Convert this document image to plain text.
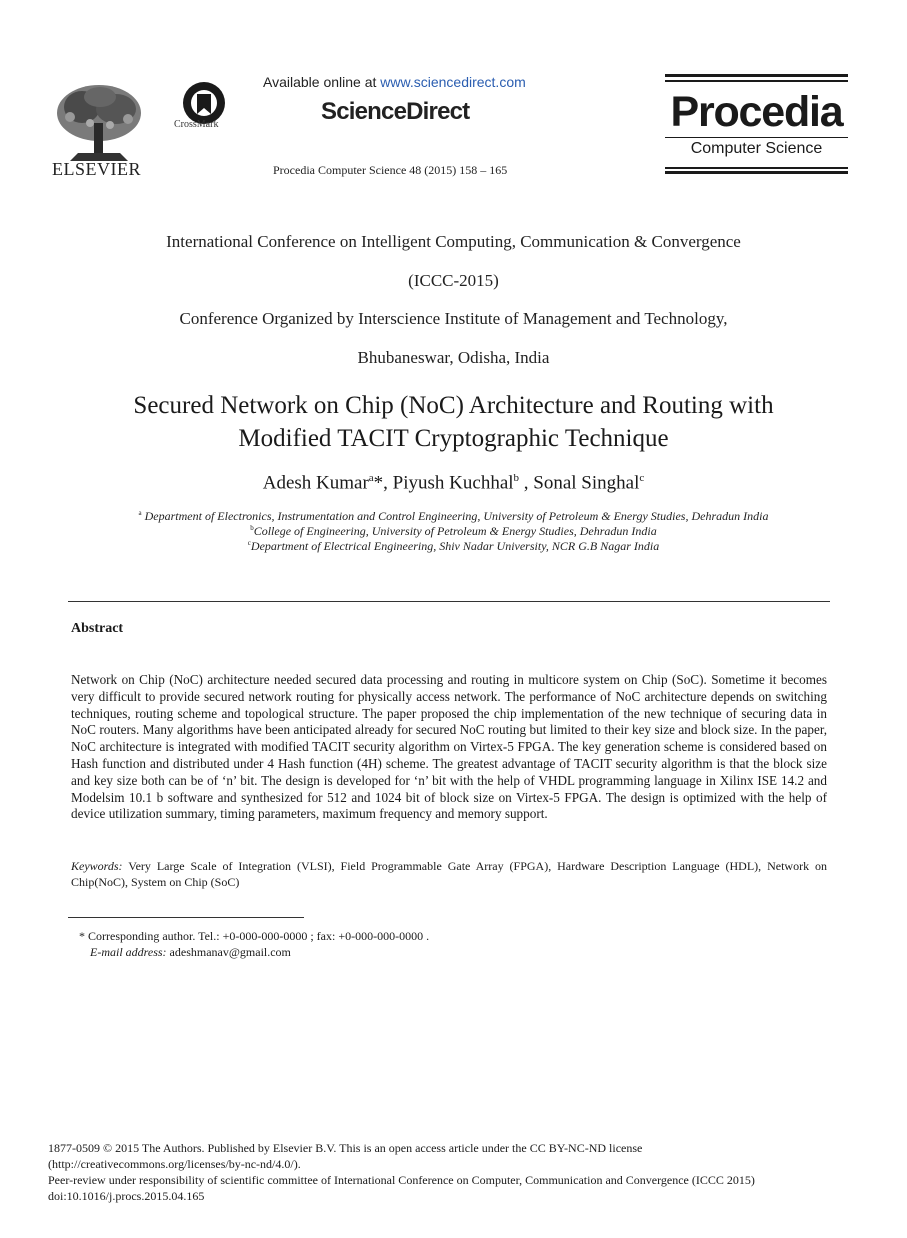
ELSEVIER
CrossMark
Available online at www.sciencedirect.com
ScienceDirect
Procedia Computer Science 48 (2015) 158 – 165
Procedia
Computer Science
International Conference on Intelligent Computing, Communication & Convergence
(ICCC-2015)
Conference Organized by Interscience Institute of Management and Technology,
Bhubaneswar, Odisha, India
Secured Network on Chip (NoC) Architecture and Routing with
Modified TACIT Cryptographic Technique
Adesh Kumar$^a$*, Piyush Kuchhal$^b$ , Sonal Singhal$^c$
$^a$ Department of Electronics, Instrumentation and Control Engineering, University of Petroleum & Energy Studies, Dehradun India
$^b$College of Engineering, University of Petroleum & Energy Studies, Dehradun India
$^c$Department of Electrical Engineering, Shiv Nadar University, NCR G.B Nagar India
Abstract
Network on Chip (NoC) architecture needed secured data processing and routing in multicore system on Chip (SoC). Sometime it becomes very difficult to provide secured network routing for physically access network. The performance of NoC architecture depends on switching techniques, routing scheme and topological structure. The paper proposed the chip implementation of the new technique of securing data in NoC routers. Many algorithms have been anticipated already for secured NoC routing but limited to their key size and block size. In the paper, NoC architecture is integrated with modified TACIT security algorithm on Virtex-5 FPGA. The key generation scheme is considered based on Hash function and distributed under 4 Hash function (4H) scheme. The greatest advantage of TACIT security algorithm is that the block size and key size both can be of ‘n’ bit. The design is developed for ‘n’ bit with the help of VHDL programming language in Xilinx ISE 14.2 and Modelsim 10.1 b software and synthesized for 512 and 1024 bit of block size on Virtex-5 FPGA. The design is optimized with the help of device utilization summary, timing parameters, maximum frequency and memory support.
Keywords: Very Large Scale of Integration (VLSI), Field Programmable Gate Array (FPGA), Hardware Description Language (HDL), Network on Chip(NoC), System on Chip (SoC)
* Corresponding author. Tel.: +0-000-000-0000 ; fax: +0-000-000-0000 .
E-mail address: adeshmanav@gmail.com
1877-0509 © 2015 The Authors. Published by Elsevier B.V. This is an open access article under the CC BY-NC-ND license
(http://creativecommons.org/licenses/by-nc-nd/4.0/).
Peer-review under responsibility of scientific committee of International Conference on Computer, Communication and Convergence (ICCC 2015)
doi:10.1016/j.procs.2015.04.165
